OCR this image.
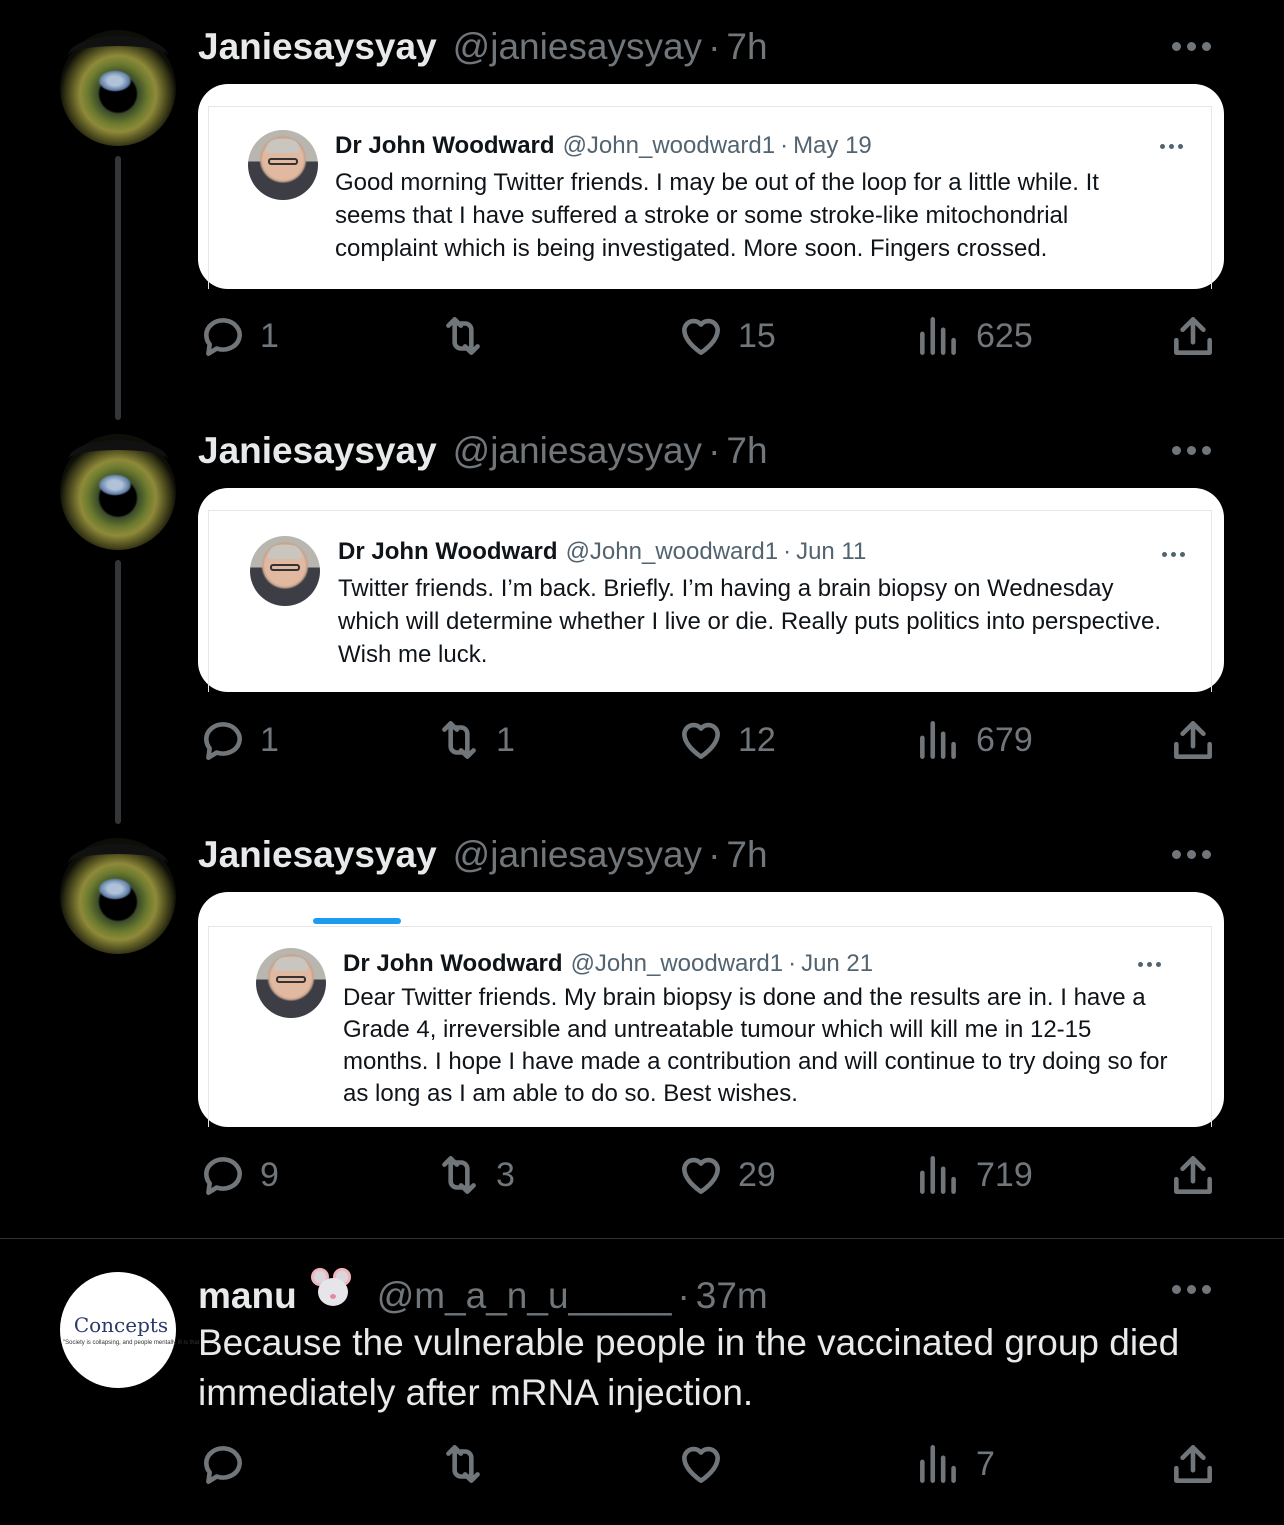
Janiesaysyay @janiesaysyay · 7h
Dr John Woodward @John_woodward1 · May 19
Good morning Twitter friends. I may be out of the loop for a little while. It seems that I have suffered a stroke or some stroke-like mitochondrial complaint which is being investigated. More soon. Fingers crossed.
1	15	625
Janiesaysyay @janiesaysyay · 7h
Dr John Woodward @John_woodward1 · Jun 11
Twitter friends. I’m back. Briefly. I’m having a brain biopsy on Wednesday which will determine whether I live or die. Really puts politics into perspective. Wish me luck.
1	1	12	679
Janiesaysyay @janiesaysyay · 7h
Dr John Woodward @John_woodward1 · Jun 21
Dear Twitter friends. My brain biopsy is done and the results are in. I have a Grade 4, irreversible and untreatable tumour which will kill me in 12-15 months. I hope I have made a contribution and will continue to try doing so for as long as I am able to do so. Best wishes.
9	3	29	719
Concepts
"Society is collapsing, and people mentally ill is that they're
manu @m_a_n_u_____ · 37m
Because the vulnerable people in the vaccinated group died immediately after mRNA injection.
7
